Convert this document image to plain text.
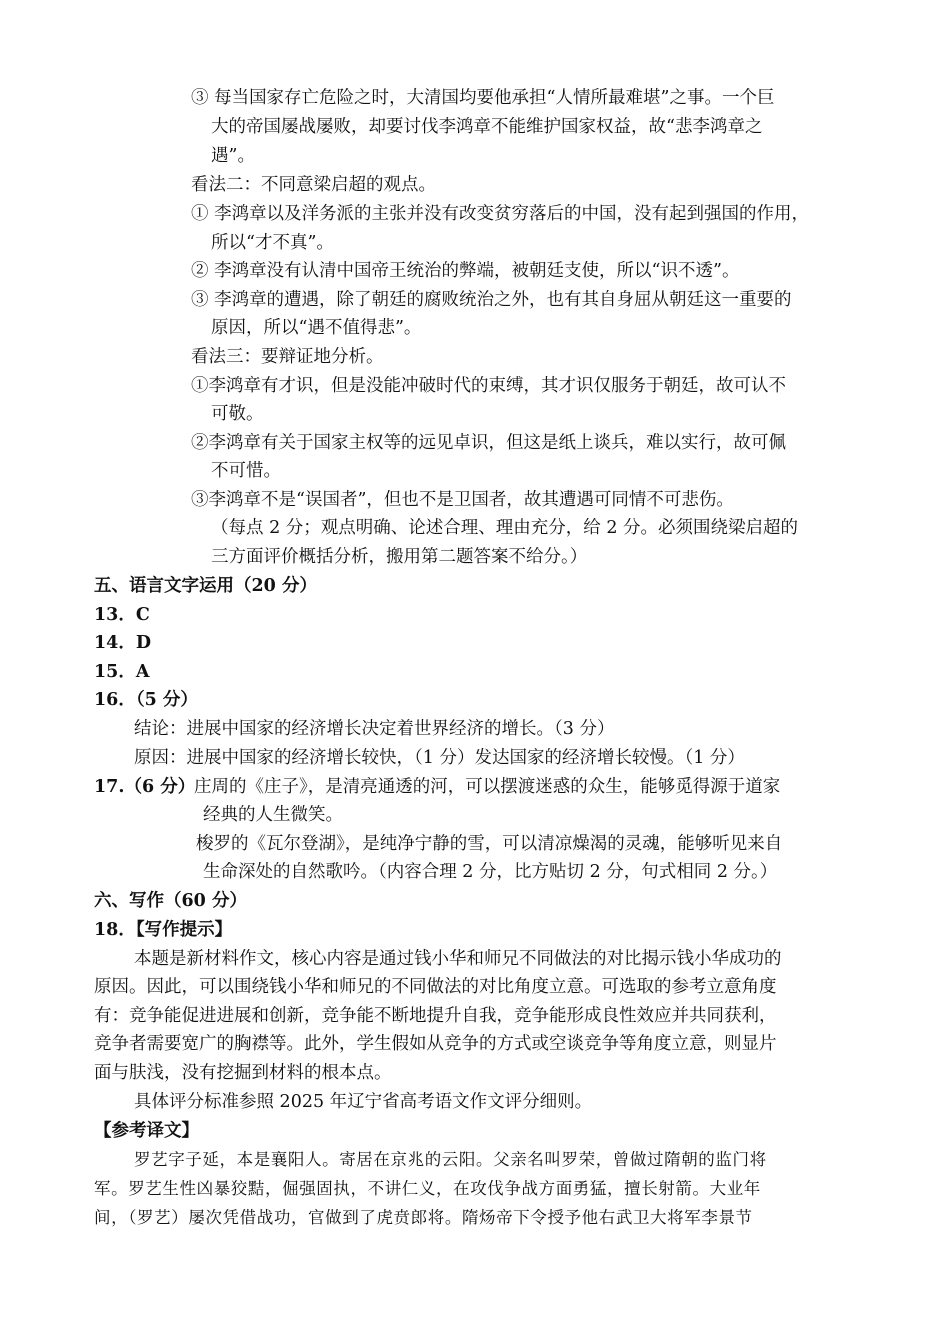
③ 每当国家存亡危险之时，大清国均要他承担“人情所最难堪”之事。一个巨
大的帝国屡战屡败，却要讨伐李鸿章不能维护国家权益，故“悲李鸿章之
遇”。
看法二：不同意梁启超的观点。
① 李鸿章以及洋务派的主张并没有改变贫穷落后的中国，没有起到强国的作用，
所以“才不真”。
② 李鸿章没有认清中国帝王统治的弊端，被朝廷支使，所以“识不透”。
③ 李鸿章的遭遇，除了朝廷的腐败统治之外，也有其自身屈从朝廷这一重要的
原因，所以“遇不值得悲”。
看法三：要辩证地分析。
①李鸿章有才识，但是没能冲破时代的束缚，其才识仅服务于朝廷，故可认不
可敬。
②李鸿章有关于国家主权等的远见卓识，但这是纸上谈兵，难以实行，故可佩
不可惜。
③李鸿章不是“误国者”，但也不是卫国者，故其遭遇可同情不可悲伤。
（每点 2 分；观点明确、论述合理、理由充分，给 2 分。必须围绕梁启超的
三方面评价概括分析，搬用第二题答案不给分。）
五、语言文字运用（20 分）
13．C
14．D
15．A
16．（5 分）
结论：进展中国家的经济增长决定着世界经济的增长。（3 分）
原因：进展中国家的经济增长较快，（1 分）发达国家的经济增长较慢。（1 分）
17.（6 分）
庄周的《庄子》，是清亮通透的河，可以摆渡迷惑的众生，能够觅得源于道家
经典的人生微笑。
梭罗的《瓦尔登湖》，是纯净宁静的雪，可以清凉燥渴的灵魂，能够听见来自
生命深处的自然歌吟。（内容合理 2 分，比方贴切 2 分，句式相同 2 分。）
六、写作（60 分）
18．【写作提示】
本题是新材料作文，核心内容是通过钱小华和师兄不同做法的对比揭示钱小华成功的
原因。因此，可以围绕钱小华和师兄的不同做法的对比角度立意。可选取的参考立意角度
有：竞争能促进进展和创新，竞争能不断地提升自我，竞争能形成良性效应并共同获利，
竞争者需要宽广的胸襟等。此外，学生假如从竞争的方式或空谈竞争等角度立意，则显片
面与肤浅，没有挖掘到材料的根本点。
具体评分标准参照 2025 年辽宁省高考语文作文评分细则。
【参考译文】
罗艺字子延，本是襄阳人。寄居在京兆的云阳。父亲名叫罗荣，曾做过隋朝的监门将
军。罗艺生性凶暴狡黠，倔强固执，不讲仁义，在攻伐争战方面勇猛，擅长射箭。大业年
间，（罗艺）屡次凭借战功，官做到了虎贲郎将。隋炀帝下令授予他右武卫大将军李景节
